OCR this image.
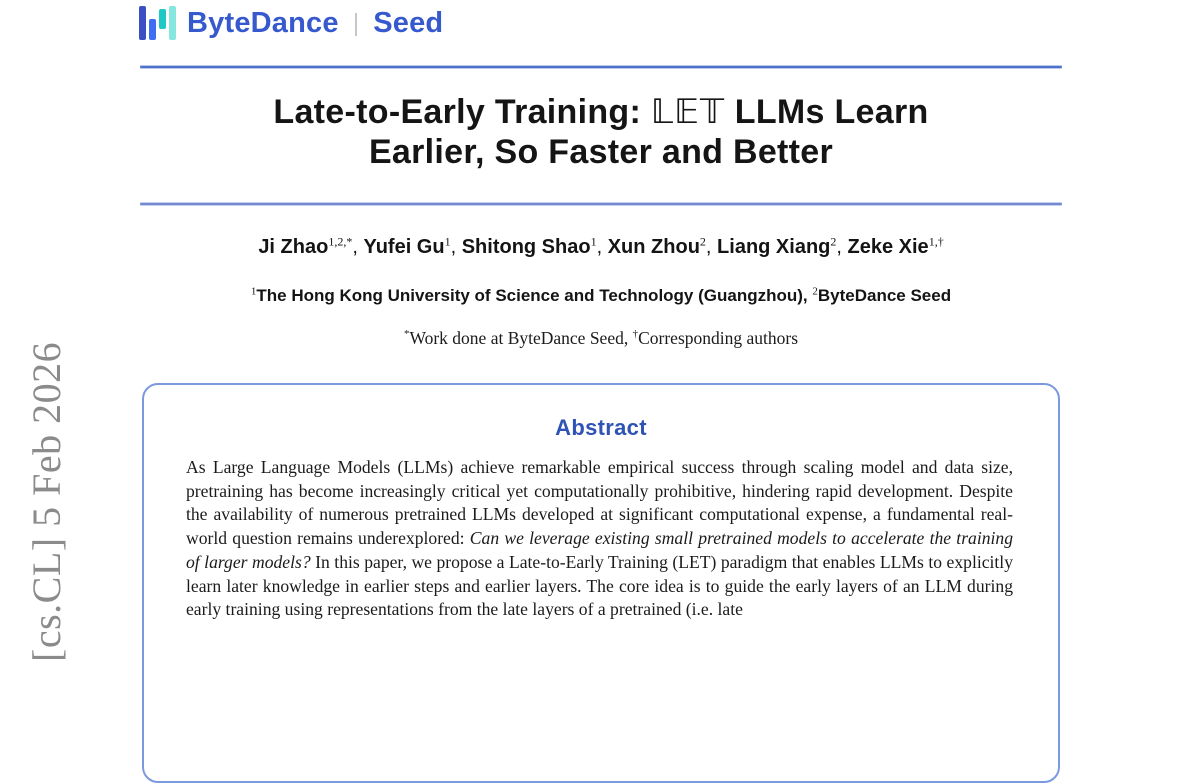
ByteDance | Seed
Late-to-Early Training: 𝕃𝔼𝕋 LLMs Learn
Earlier, So Faster and Better
Ji Zhao$^{1,2,*}$, Yufei Gu$^1$, Shitong Shao$^1$, Xun Zhou$^2$, Liang Xiang$^2$, Zeke Xie$^{1,\dagger}$
$^1$The Hong Kong University of Science and Technology (Guangzhou), $^2$ByteDance Seed
*Work done at ByteDance Seed, †Corresponding authors
Abstract

As Large Language Models (LLMs) achieve remarkable empirical success through scaling model and data size, pretraining has become increasingly critical yet computationally prohibitive, hindering rapid development. Despite the availability of numerous pretrained LLMs developed at significant computational expense, a fundamental real-world question remains underexplored: Can we leverage existing small pretrained models to accelerate the training of larger models? In this paper, we propose a Late-to-Early Training (LET) paradigm that enables LLMs to explicitly learn later knowledge in earlier steps and earlier layers. The core idea is to guide the early layers of an LLM during early training using representations from the late layers of a pretrained (i.e. late

[cs.CL] 5 Feb 2026
